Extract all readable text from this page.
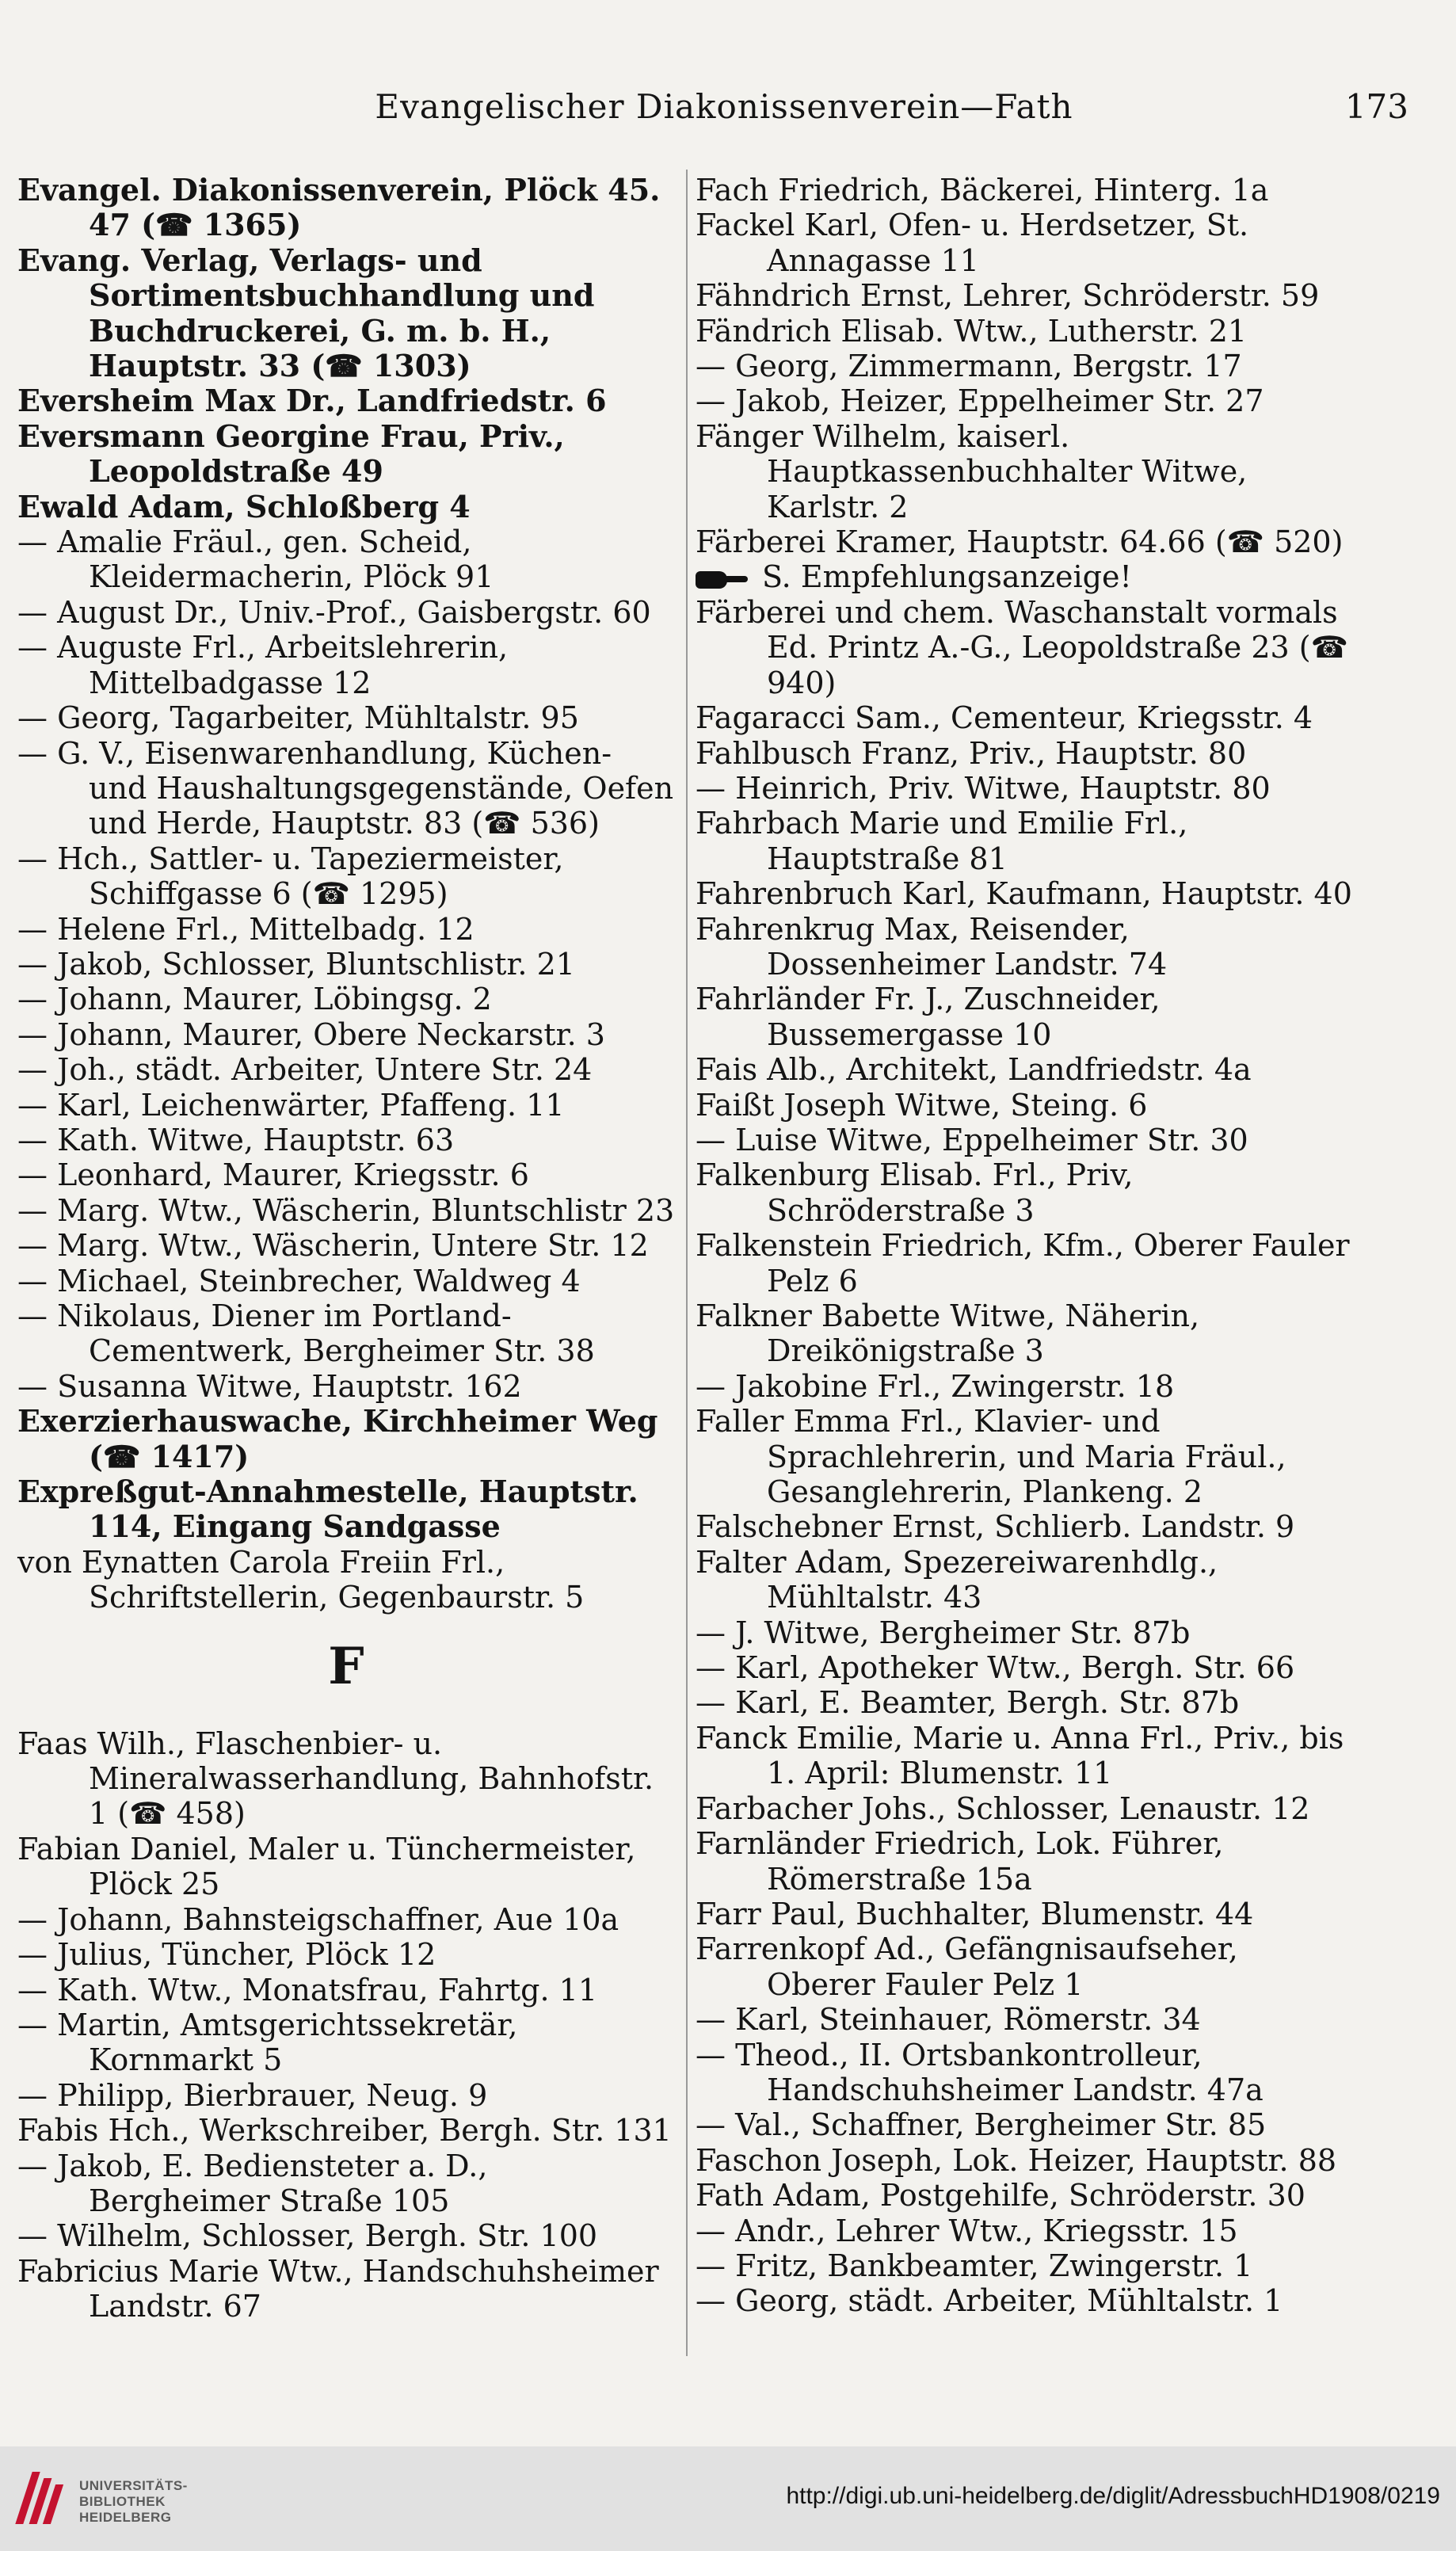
Evangelischer Diakonissenverein—Fath	173

Evangel. Diakonissenverein, Plöck 45. 47 (☎ 1365)

Evang. Verlag, Verlags- und Sortimentsbuchhandlung und Buchdruckerei, G. m. b. H., Hauptstr. 33 (☎ 1303)

Eversheim Max Dr., Landfriedstr. 6

Eversmann Georgine Frau, Priv., Leopoldstraße 49

Ewald Adam, Schloßberg 4

— Amalie Fräul., gen. Scheid, Kleidermacherin, Plöck 91

— August Dr., Univ.-Prof., Gaisbergstr. 60

— Auguste Frl., Arbeitslehrerin, Mittelbadgasse 12

— Georg, Tagarbeiter, Mühltalstr. 95

— G. V., Eisenwarenhandlung, Küchen- und Haushaltungsgegenstände, Oefen und Herde, Hauptstr. 83 (☎ 536)

— Hch., Sattler- u. Tapeziermeister, Schiffgasse 6 (☎ 1295)

— Helene Frl., Mittelbadg. 12

— Jakob, Schlosser, Bluntschlistr. 21

— Johann, Maurer, Löbingsg. 2

— Johann, Maurer, Obere Neckarstr. 3

— Joh., städt. Arbeiter, Untere Str. 24

— Karl, Leichenwärter, Pfaffeng. 11

— Kath. Witwe, Hauptstr. 63

— Leonhard, Maurer, Kriegsstr. 6

— Marg. Wtw., Wäscherin, Bluntschlistr 23

— Marg. Wtw., Wäscherin, Untere Str. 12

— Michael, Steinbrecher, Waldweg 4

— Nikolaus, Diener im Portland-Cementwerk, Bergheimer Str. 38

— Susanna Witwe, Hauptstr. 162

Exerzierhauswache, Kirchheimer Weg (☎ 1417)

Expreßgut-Annahmestelle, Hauptstr. 114, Eingang Sandgasse

von Eynatten Carola Freiin Frl., Schriftstellerin, Gegenbaurstr. 5

F

Faas Wilh., Flaschenbier- u. Mineralwasserhandlung, Bahnhofstr. 1 (☎ 458)

Fabian Daniel, Maler u. Tünchermeister, Plöck 25

— Johann, Bahnsteigschaffner, Aue 10a

— Julius, Tüncher, Plöck 12

— Kath. Wtw., Monatsfrau, Fahrtg. 11

— Martin, Amtsgerichtssekretär, Kornmarkt 5

— Philipp, Bierbrauer, Neug. 9

Fabis Hch., Werkschreiber, Bergh. Str. 131

— Jakob, E. Bediensteter a. D., Bergheimer Straße 105

— Wilhelm, Schlosser, Bergh. Str. 100

Fabricius Marie Wtw., Handschuhsheimer Landstr. 67

Fach Friedrich, Bäckerei, Hinterg. 1a

Fackel Karl, Ofen- u. Herdsetzer, St. Annagasse 11

Fähndrich Ernst, Lehrer, Schröderstr. 59

Fändrich Elisab. Wtw., Lutherstr. 21

— Georg, Zimmermann, Bergstr. 17

— Jakob, Heizer, Eppelheimer Str. 27

Fänger Wilhelm, kaiserl. Hauptkassenbuchhalter Witwe, Karlstr. 2

Färberei Kramer, Hauptstr. 64.66 (☎ 520)

S. Empfehlungsanzeige!

Färberei und chem. Waschanstalt vormals Ed. Printz A.-G., Leopoldstraße 23 (☎ 940)

Fagaracci Sam., Cementeur, Kriegsstr. 4

Fahlbusch Franz, Priv., Hauptstr. 80

— Heinrich, Priv. Witwe, Hauptstr. 80

Fahrbach Marie und Emilie Frl., Hauptstraße 81

Fahrenbruch Karl, Kaufmann, Hauptstr. 40

Fahrenkrug Max, Reisender, Dossenheimer Landstr. 74

Fahrländer Fr. J., Zuschneider, Bussemergasse 10

Fais Alb., Architekt, Landfriedstr. 4a

Faißt Joseph Witwe, Steing. 6

— Luise Witwe, Eppelheimer Str. 30

Falkenburg Elisab. Frl., Priv, Schröderstraße 3

Falkenstein Friedrich, Kfm., Oberer Fauler Pelz 6

Falkner Babette Witwe, Näherin, Dreikönigstraße 3

— Jakobine Frl., Zwingerstr. 18

Faller Emma Frl., Klavier- und Sprachlehrerin, und Maria Fräul., Gesanglehrerin, Plankeng. 2

Falschebner Ernst, Schlierb. Landstr. 9

Falter Adam, Spezereiwarenhdlg., Mühltalstr. 43

— J. Witwe, Bergheimer Str. 87b

— Karl, Apotheker Wtw., Bergh. Str. 66

— Karl, E. Beamter, Bergh. Str. 87b

Fanck Emilie, Marie u. Anna Frl., Priv., bis 1. April: Blumenstr. 11

Farbacher Johs., Schlosser, Lenaustr. 12

Farnländer Friedrich, Lok. Führer, Römerstraße 15a

Farr Paul, Buchhalter, Blumenstr. 44

Farrenkopf Ad., Gefängnisaufseher, Oberer Fauler Pelz 1

— Karl, Steinhauer, Römerstr. 34

— Theod., II. Ortsbankontrolleur, Handschuhsheimer Landstr. 47a

— Val., Schaffner, Bergheimer Str. 85

Faschon Joseph, Lok. Heizer, Hauptstr. 88

Fath Adam, Postgehilfe, Schröderstr. 30

— Andr., Lehrer Wtw., Kriegsstr. 15

— Fritz, Bankbeamter, Zwingerstr. 1

— Georg, städt. Arbeiter, Mühltalstr. 1

UNIVERSITÄTS-
BIBLIOTHEK
HEIDELBERG
http://digi.ub.uni-heidelberg.de/diglit/AdressbuchHD1908/0219
